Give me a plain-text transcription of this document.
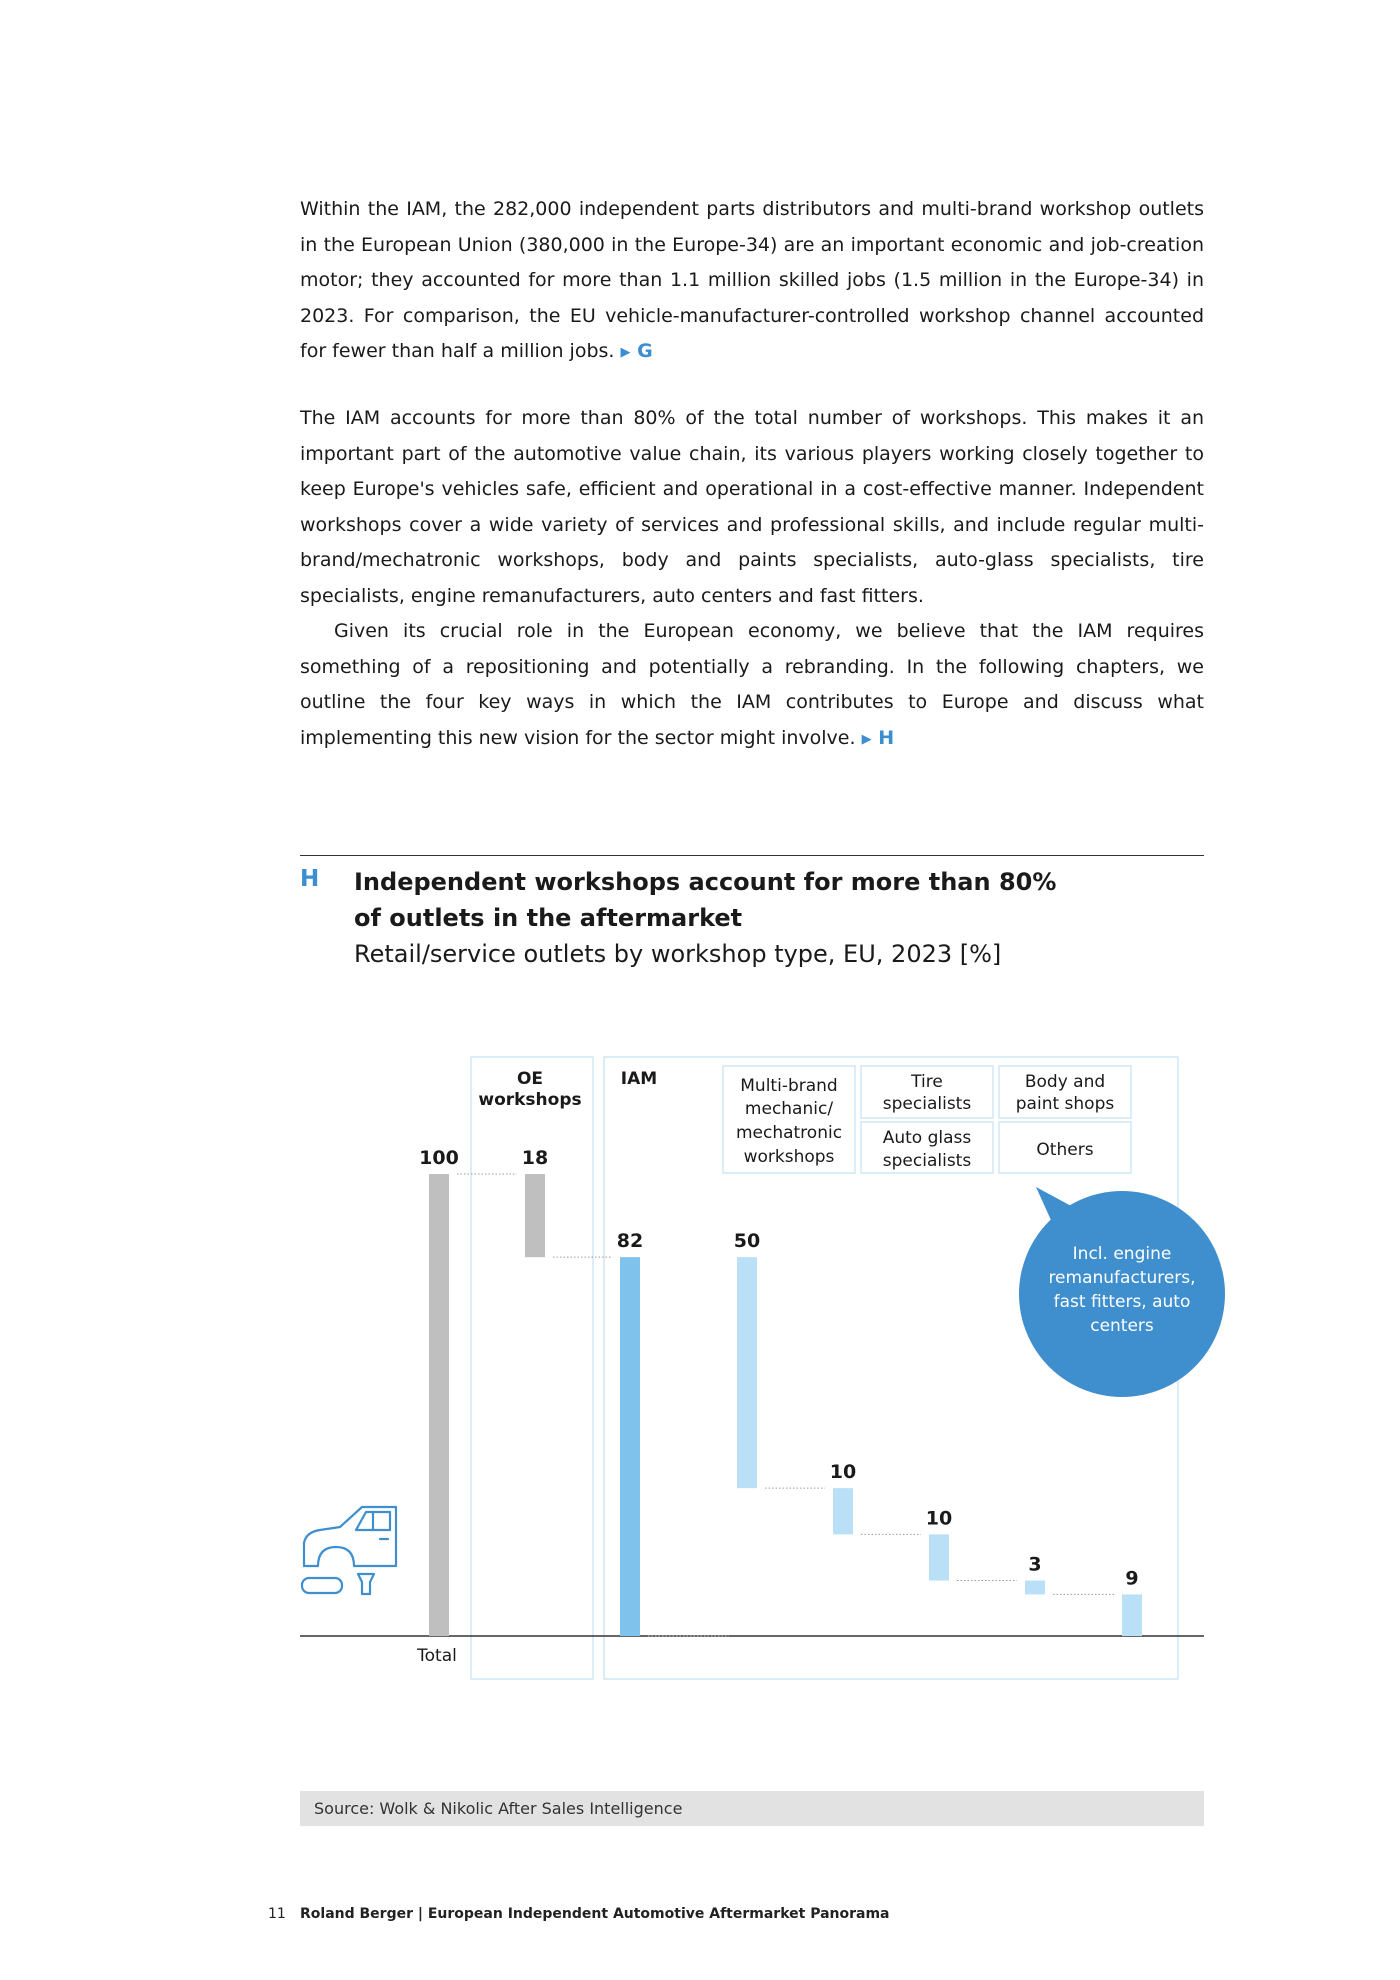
Within the IAM, the 282,000 independent parts distributors and multi-brand workshop outlets in the European Union (380,000 in the Europe-34) are an important economic and job-creation motor; they accounted for more than 1.1 million skilled jobs (1.5 million in the Europe-34) in 2023. For comparison, the EU vehicle-manufacturer-controlled workshop channel accounted for fewer than half a million jobs. ▶ G

The IAM accounts for more than 80% of the total number of workshops. This makes it an important part of the automotive value chain, its various players working closely together to keep Europe's vehicles safe, efficient and operational in a cost-effective manner. Independent workshops cover a wide variety of services and professional skills, and include regular multi-brand/mechatronic workshops, body and paints specialists, auto-glass specialists, tire specialists, engine remanufacturers, auto centers and fast fitters.

Given its crucial role in the European economy, we believe that the IAM requires something of a repositioning and potentially a rebranding. In the following chapters, we outline the four key ways in which the IAM contributes to Europe and discuss what implementing this new vision for the sector might involve. ▶ H

H Independent workshops account for more than 80% of outlets in the aftermarket
Retail/service outlets by workshop type, EU, 2023 [%]
OE
workshops
IAM	Multi-brand
mechanic/
mechatronic
workshops
Tire
specialists
Auto glass
specialists
Body and
paint shops
Others
100	18
82	50
10
10
3
9
Total
Incl. engine
remanufacturers,
fast fitters, auto
centers
Source: Wolk & Nikolic After Sales Intelligence
11 Roland Berger | European Independent Automotive Aftermarket Panorama
